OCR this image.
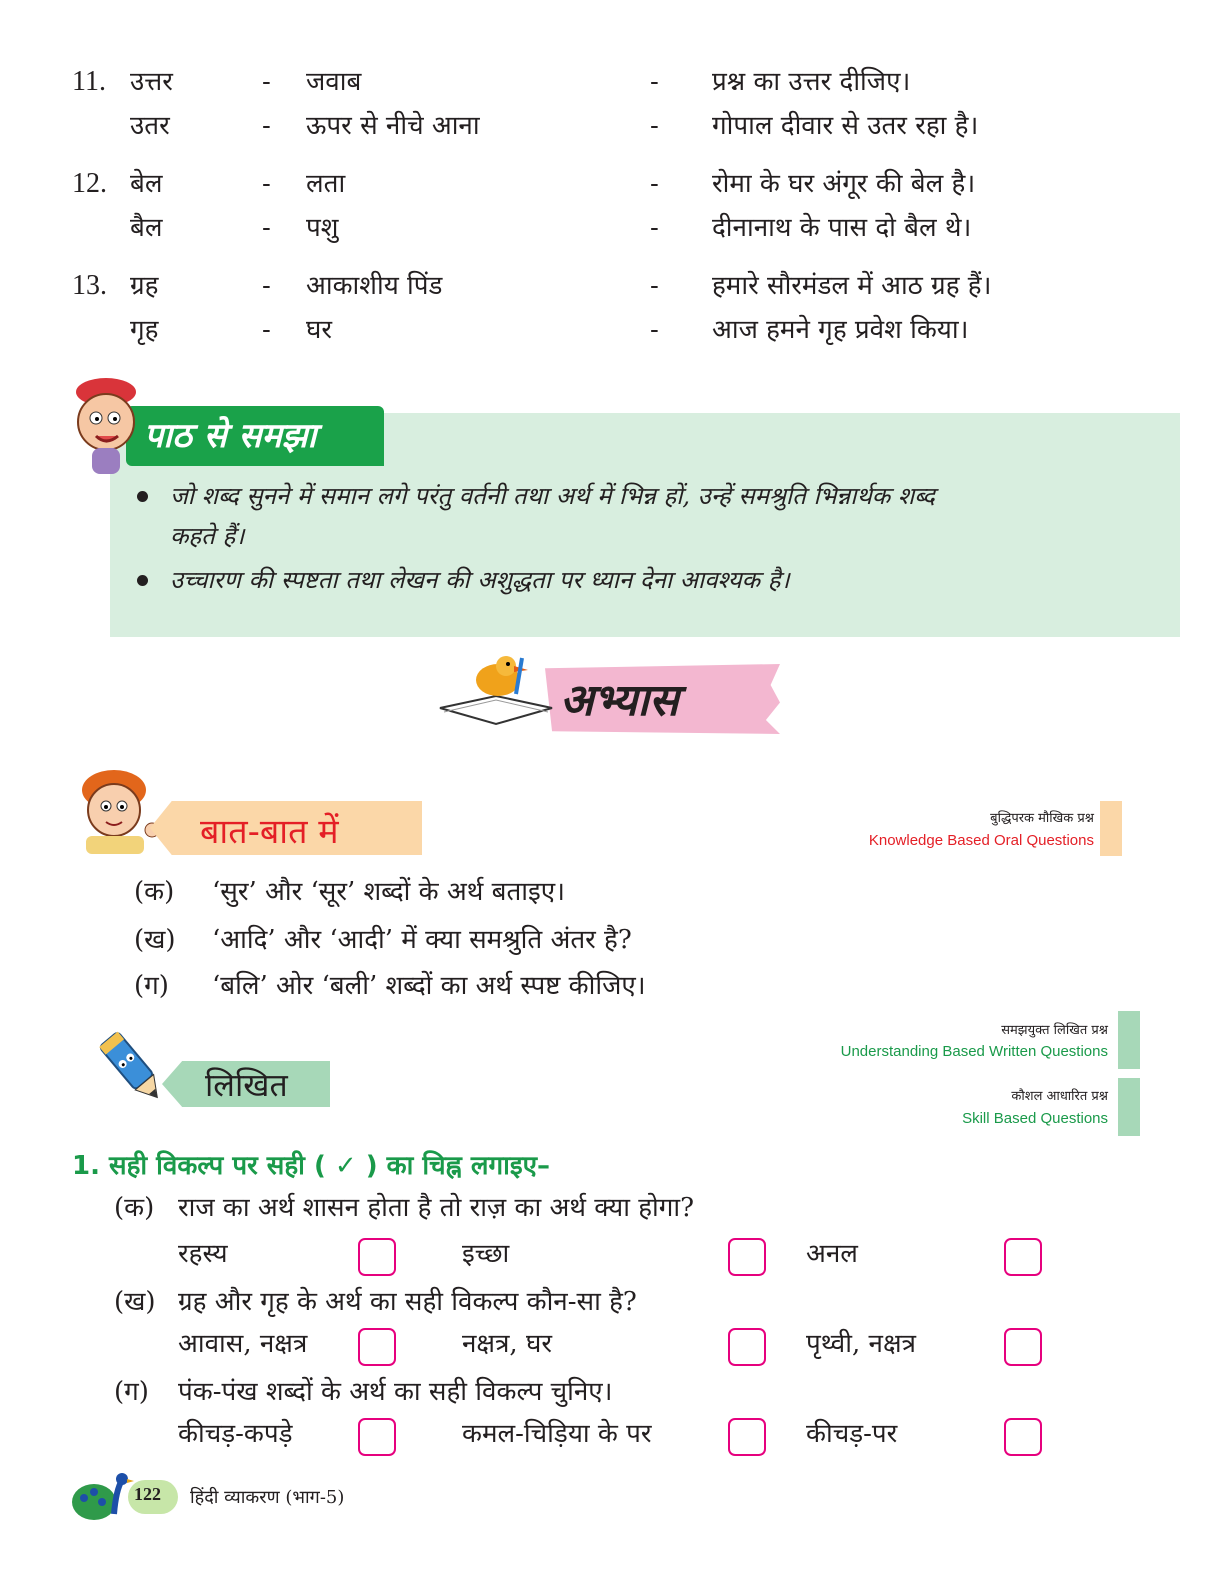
11. उत्तर	- जवाब	- प्रश्न का उत्तर दीजिए।
उतर	- ऊपर से नीचे आना	- गोपाल दीवार से उतर रहा है।
12. बेल	- लता	- रोमा के घर अंगूर की बेल है।
बैल	- पशु	- दीनानाथ के पास दो बैल थे।
13. ग्रह	- आकाशीय पिंड	- हमारे सौरमंडल में आठ ग्रह हैं।
गृह	- घर	- आज हमने गृह प्रवेश किया।
पाठ से समझा
जो शब्द सुनने में समान लगे परंतु वर्तनी तथा अर्थ में भिन्न हों, उन्हें समश्रुति भिन्नार्थक शब्द
कहते हैं।
उच्चारण की स्पष्टता तथा लेखन की अशुद्धता पर ध्यान देना आवश्यक है।
अभ्यास
बात-बात में	बुद्धिपरक मौखिक प्रश्न
Knowledge Based Oral Questions
(क) ‘सुर’ और ‘सूर’ शब्दों के अर्थ बताइए।
(ख) ‘आदि’ और ‘आदी’ में क्या समश्रुति अंतर है?
(ग) ‘बलि’ ओर ‘बली’ शब्दों का अर्थ स्पष्ट कीजिए।
समझयुक्त लिखित प्रश्न
Understanding Based Written Questions
कौशल आधारित प्रश्न
Skill Based Questions
लिखित
1. सही विकल्प पर सही ( ✓ ) का चिह्न लगाइए–
(क) राज का अर्थ शासन होता है तो राज़ का अर्थ क्या होगा?
रहस्य	इच्छा	अनल
(ख) ग्रह और गृह के अर्थ का सही विकल्प कौन-सा है?
आवास, नक्षत्र	नक्षत्र, घर	पृथ्वी, नक्षत्र
(ग) पंक-पंख शब्दों के अर्थ का सही विकल्प चुनिए।
कीचड़-कपड़े	कमल-चिड़िया के पर	कीचड़-पर
122 हिंदी व्याकरण (भाग-5)
